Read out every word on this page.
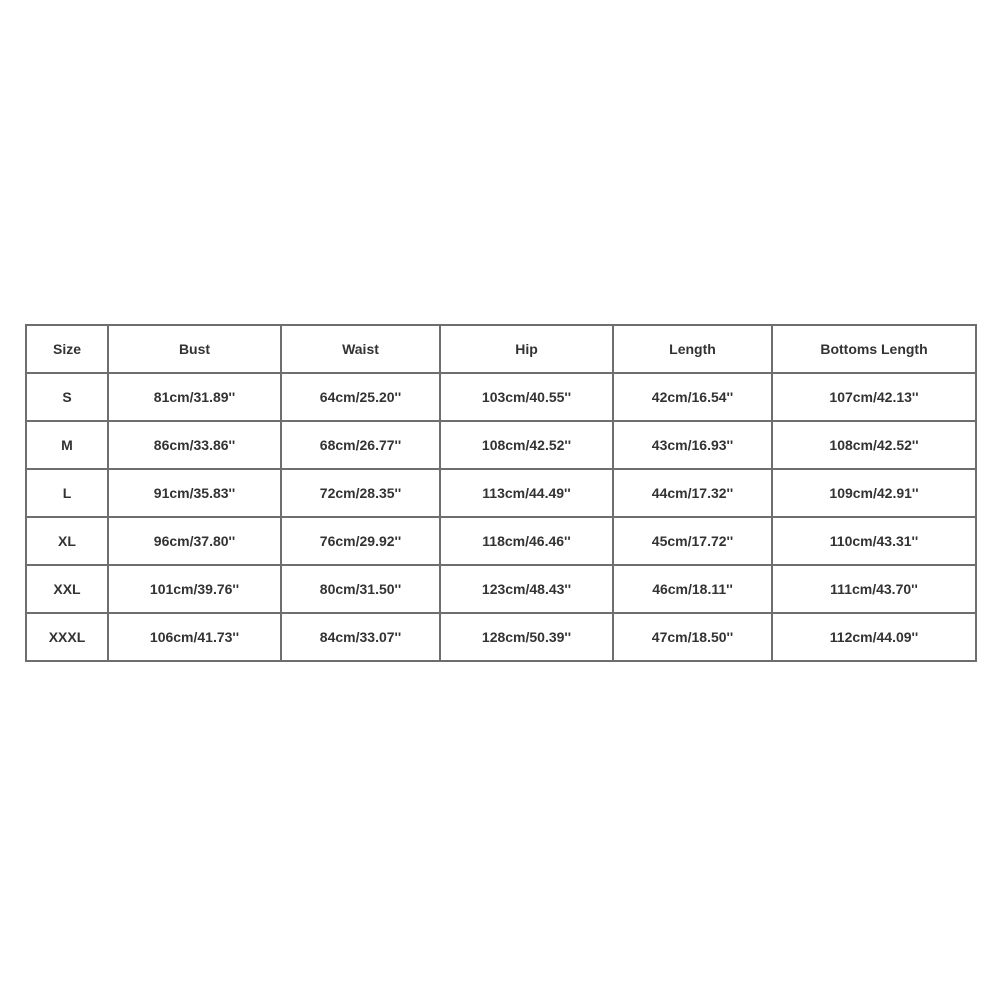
Size	Bust	Waist	Hip	Length	Bottoms Length
S	81cm/31.89''	64cm/25.20''	103cm/40.55''	42cm/16.54''	107cm/42.13''
M	86cm/33.86''	68cm/26.77''	108cm/42.52''	43cm/16.93''	108cm/42.52''
L	91cm/35.83''	72cm/28.35''	113cm/44.49''	44cm/17.32''	109cm/42.91''
XL	96cm/37.80''	76cm/29.92''	118cm/46.46''	45cm/17.72''	110cm/43.31''
XXL	101cm/39.76''	80cm/31.50''	123cm/48.43''	46cm/18.11''	111cm/43.70''
XXXL	106cm/41.73''	84cm/33.07''	128cm/50.39''	47cm/18.50''	112cm/44.09''
